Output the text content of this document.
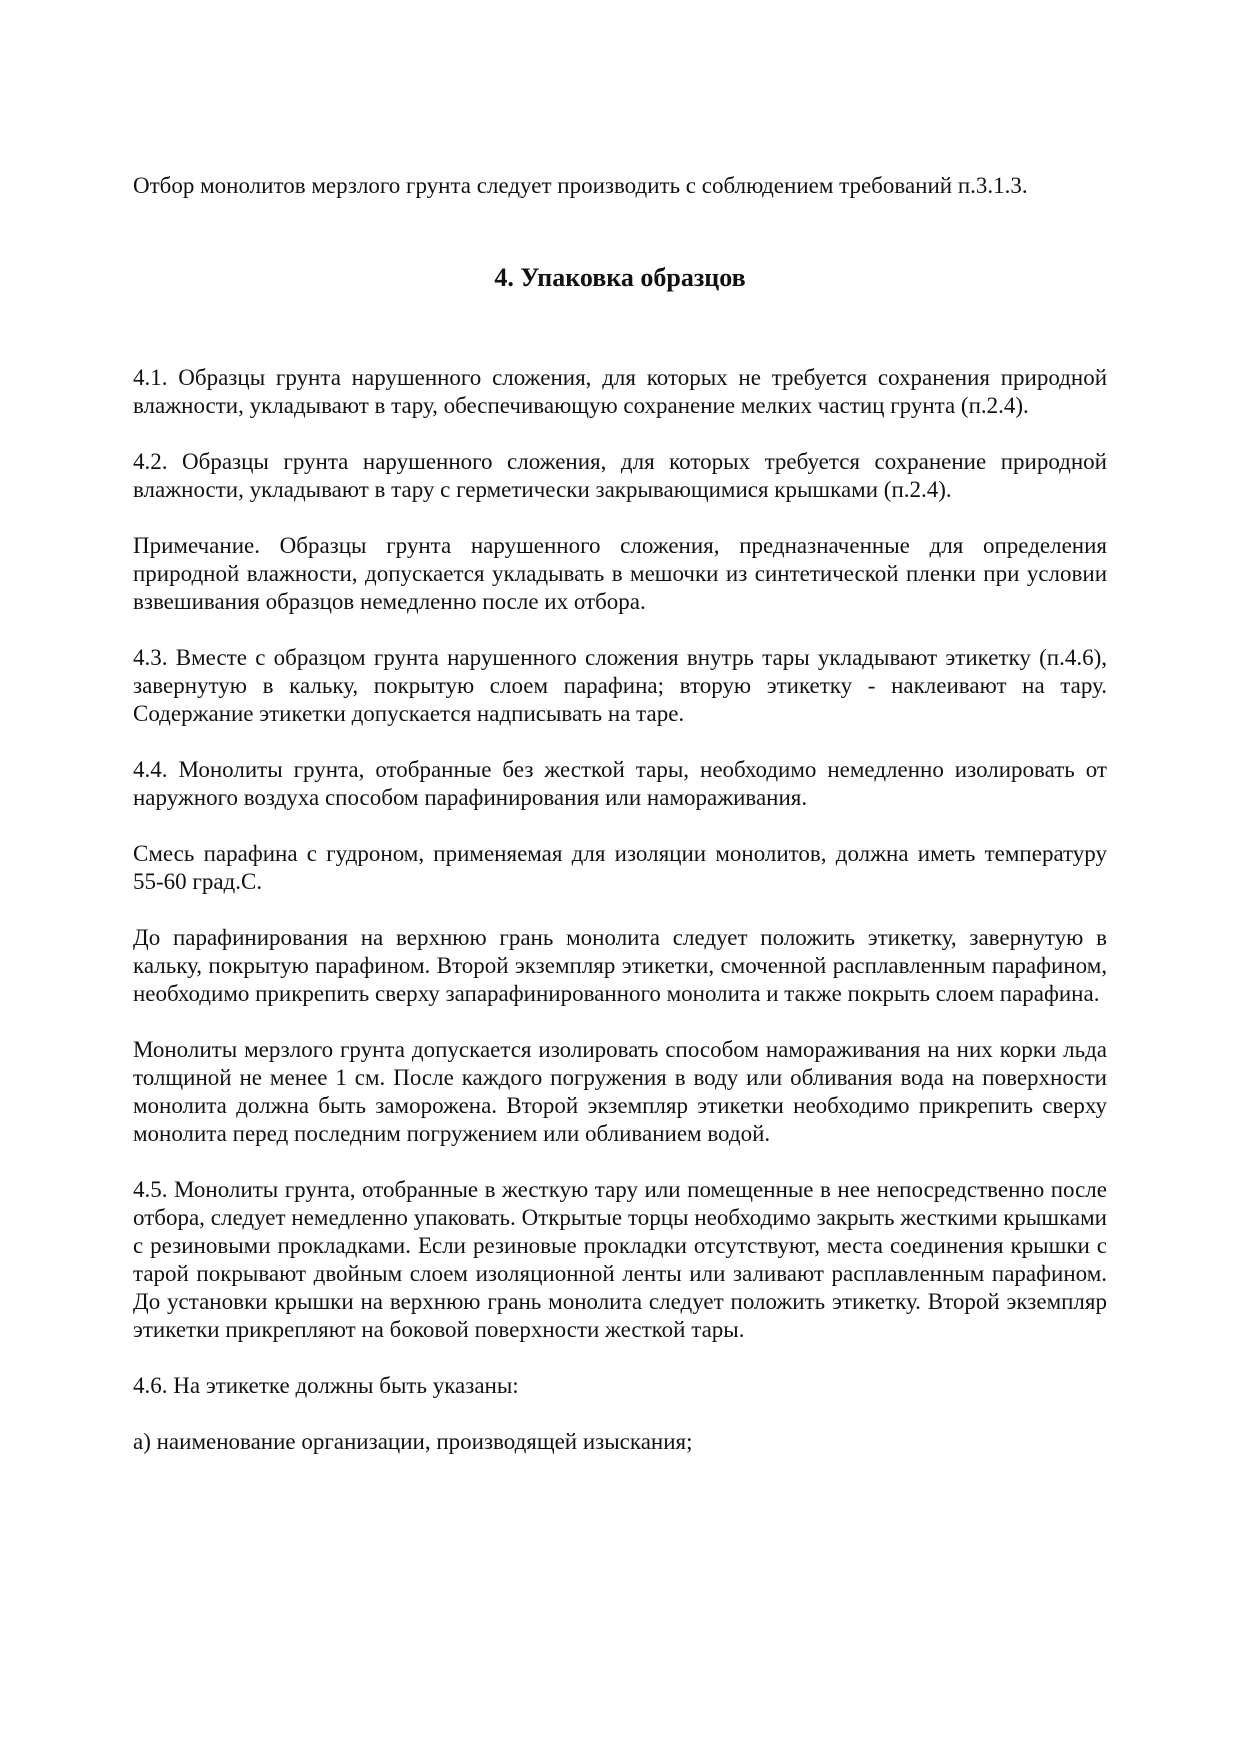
Отбор монолитов мерзлого грунта следует производить с соблюдением требований п.3.1.3.

4. Упаковка образцов

4.1. Образцы грунта нарушенного сложения, для которых не требуется сохранения природной влажности, укладывают в тару, обеспечивающую сохранение мелких частиц грунта (п.2.4).

4.2. Образцы грунта нарушенного сложения, для которых требуется сохранение природной влажности, укладывают в тару с герметически закрывающимися крышками (п.2.4).

Примечание. Образцы грунта нарушенного сложения, предназначенные для определения природной влажности, допускается укладывать в мешочки из синтетической пленки при условии взвешивания образцов немедленно после их отбора.

4.3. Вместе с образцом грунта нарушенного сложения внутрь тары укладывают этикетку (п.4.6), завернутую в кальку, покрытую слоем парафина; вторую этикетку - наклеивают на тару. Содержание этикетки допускается надписывать на таре.

4.4. Монолиты грунта, отобранные без жесткой тары, необходимо немедленно изолировать от наружного воздуха способом парафинирования или намораживания.

Смесь парафина с гудроном, применяемая для изоляции монолитов, должна иметь температуру 55-60 град.С.

До парафинирования на верхнюю грань монолита следует положить этикетку, завернутую в кальку, покрытую парафином. Второй экземпляр этикетки, смоченной расплавленным парафином, необходимо прикрепить сверху запарафинированного монолита и также покрыть слоем парафина.

Монолиты мерзлого грунта допускается изолировать способом намораживания на них корки льда толщиной не менее 1 см. После каждого погружения в воду или обливания вода на поверхности монолита должна быть заморожена. Второй экземпляр этикетки необходимо прикрепить сверху монолита перед последним погружением или обливанием водой.

4.5. Монолиты грунта, отобранные в жесткую тару или помещенные в нее непосредственно после отбора, следует немедленно упаковать. Открытые торцы необходимо закрыть жесткими крышками с резиновыми прокладками. Если резиновые прокладки отсутствуют, места соединения крышки с тарой покрывают двойным слоем изоляционной ленты или заливают расплавленным парафином. До установки крышки на верхнюю грань монолита следует положить этикетку. Второй экземпляр этикетки прикрепляют на боковой поверхности жесткой тары.

4.6. На этикетке должны быть указаны:

а) наименование организации, производящей изыскания;
